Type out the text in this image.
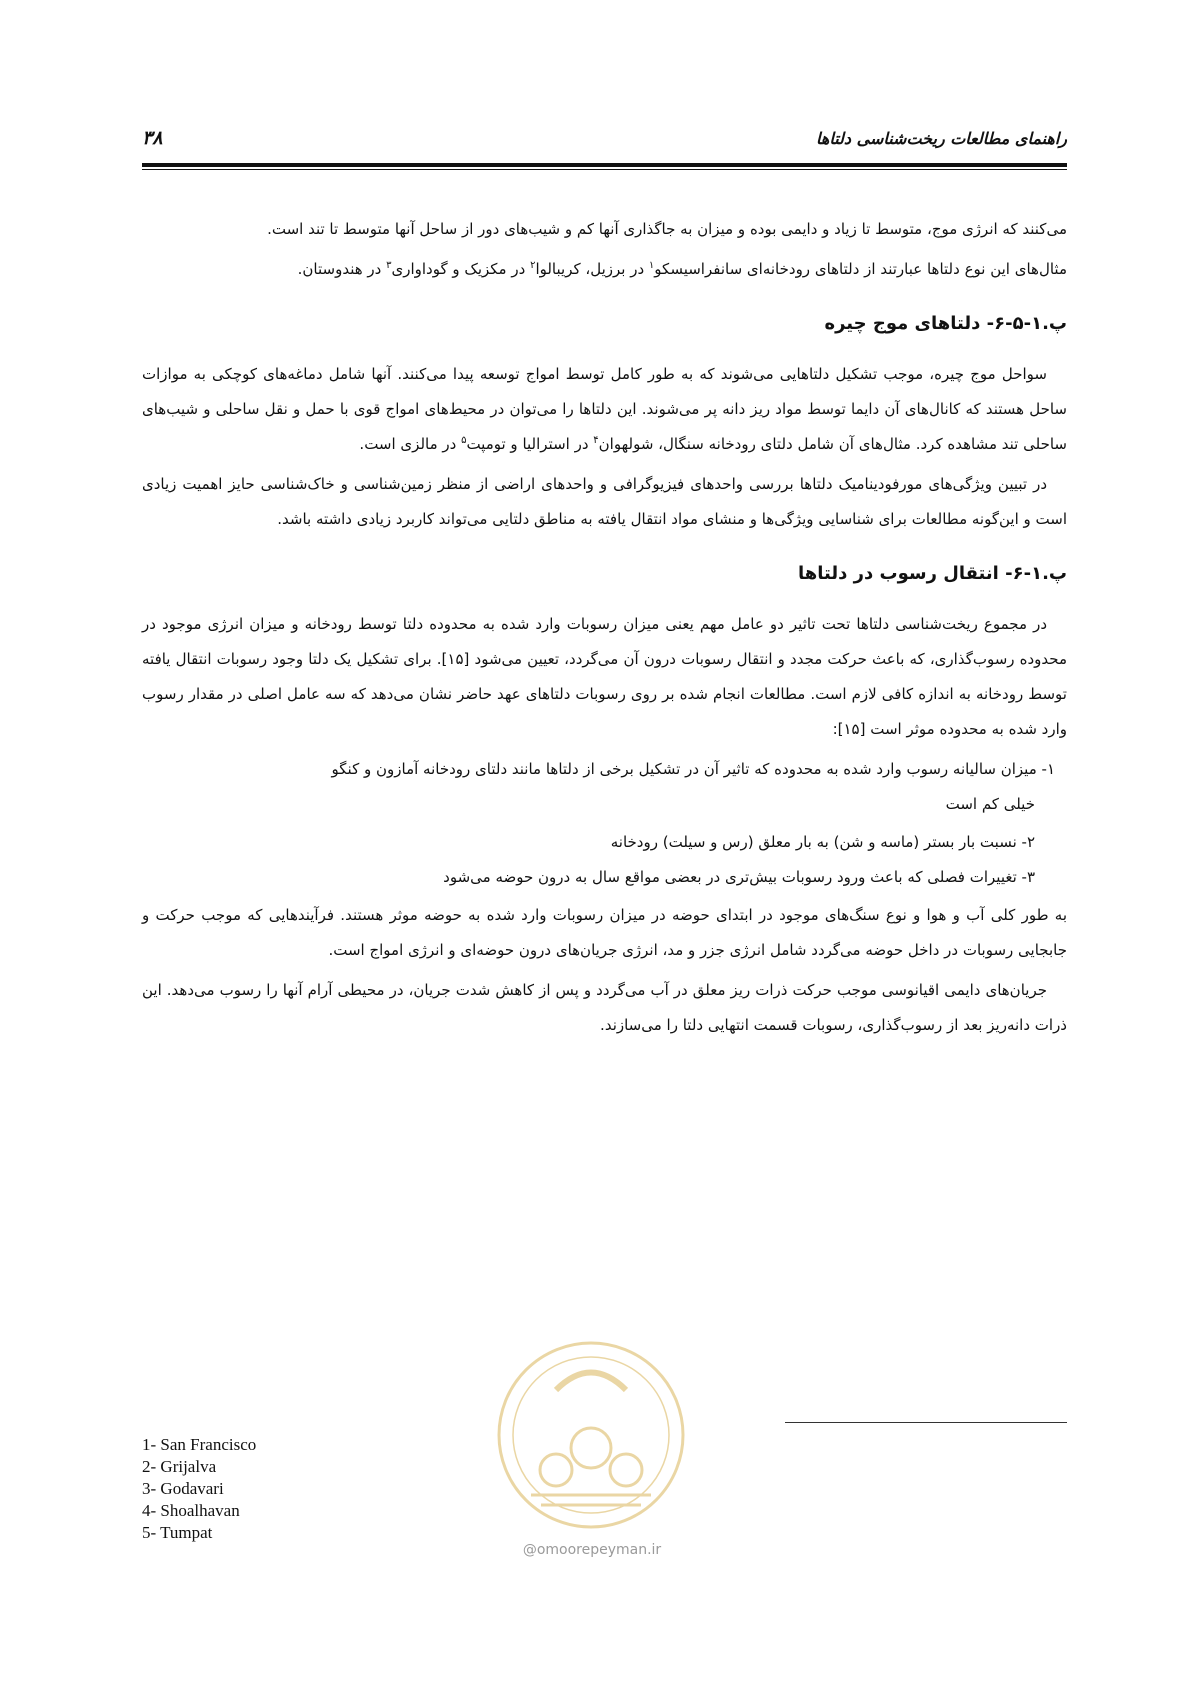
راهنمای مطالعات ریخت‌شناسی دلتاها
۳۸

می‌کنند که انرژی موج، متوسط تا زیاد و دایمی بوده و میزان به جاگذاری آنها کم و شیب‌های دور از ساحل آنها متوسط تا تند است.

مثال‌های این نوع دلتاها عبارتند از دلتاهای رودخانه‌ای سانفراسیسکو$^۱$ در برزیل، کریبالوا$^۲$ در مکزیک و گوداواری$^۳$ در هندوستان.

پ.۱-۵-۶- دلتاهای موج چیره

سواحل موج چیره، موجب تشکیل دلتاهایی می‌شوند که به طور کامل توسط امواج توسعه پیدا می‌کنند. آنها شامل دماغه‌های کوچکی به موازات ساحل هستند که کانال‌های آن دایما توسط مواد ریز دانه پر می‌شوند. این دلتاها را می‌توان در محیط‌های امواج قوی با حمل و نقل ساحلی و شیب‌های ساحلی تند مشاهده کرد. مثال‌های آن شامل دلتای رودخانه سنگال، شولهوان$^۴$ در استرالیا و تومپت$^۵$ در مالزی است.

در تبیین ویژگی‌های مورفودینامیک دلتاها بررسی واحدهای فیزیوگرافی و واحدهای اراضی از منظر زمین‌شناسی و خاک‌شناسی حایز اهمیت زیادی است و این‌گونه مطالعات برای شناسایی ویژگی‌ها و منشای مواد انتقال یافته به مناطق دلتایی می‌تواند کاربرد زیادی داشته باشد.

پ.۱-۶- انتقال رسوب در دلتاها

در مجموع ریخت‌شناسی دلتاها تحت تاثیر دو عامل مهم یعنی میزان رسوبات وارد شده به محدوده دلتا توسط رودخانه و میزان انرژی موجود در محدوده رسوب‌گذاری، که باعث حرکت مجدد و انتقال رسوبات درون آن می‌گردد، تعیین می‌شود [۱۵]. برای تشکیل یک دلتا وجود رسوبات انتقال یافته توسط رودخانه به اندازه کافی لازم است. مطالعات انجام شده بر روی رسوبات دلتاهای عهد حاضر نشان می‌دهد که سه عامل اصلی در مقدار رسوب وارد شده به محدوده موثر است [۱۵]:

۱- میزان سالیانه رسوب وارد شده به محدوده که تاثیر آن در تشکیل برخی از دلتاها مانند دلتای رودخانه آمازون و کنگو
خیلی کم است
۲- نسبت بار بستر (ماسه و شن) به بار معلق (رس و سیلت) رودخانه
۳- تغییرات فصلی که باعث ورود رسوبات بیش‌تری در بعضی مواقع سال به درون حوضه می‌شود

به طور کلی آب و هوا و نوع سنگ‌های موجود در ابتدای حوضه در میزان رسوبات وارد شده به حوضه موثر هستند. فرآیندهایی که موجب حرکت و جابجایی رسوبات در داخل حوضه می‌گردد شامل انرژی جزر و مد، انرژی جریان‌های درون حوضه‌ای و انرژی امواج است.

جریان‌های دایمی اقیانوسی موجب حرکت ذرات ریز معلق در آب می‌گردد و پس از کاهش شدت جریان، در محیطی آرام آنها را رسوب می‌دهد. این ذرات دانه‌ریز بعد از رسوب‌گذاری، رسوبات قسمت انتهایی دلتا را می‌سازند.

@omoorepeyman.ir
1- San Francisco
2- Grijalva
3- Godavari
4- Shoalhavan
5- Tumpat
